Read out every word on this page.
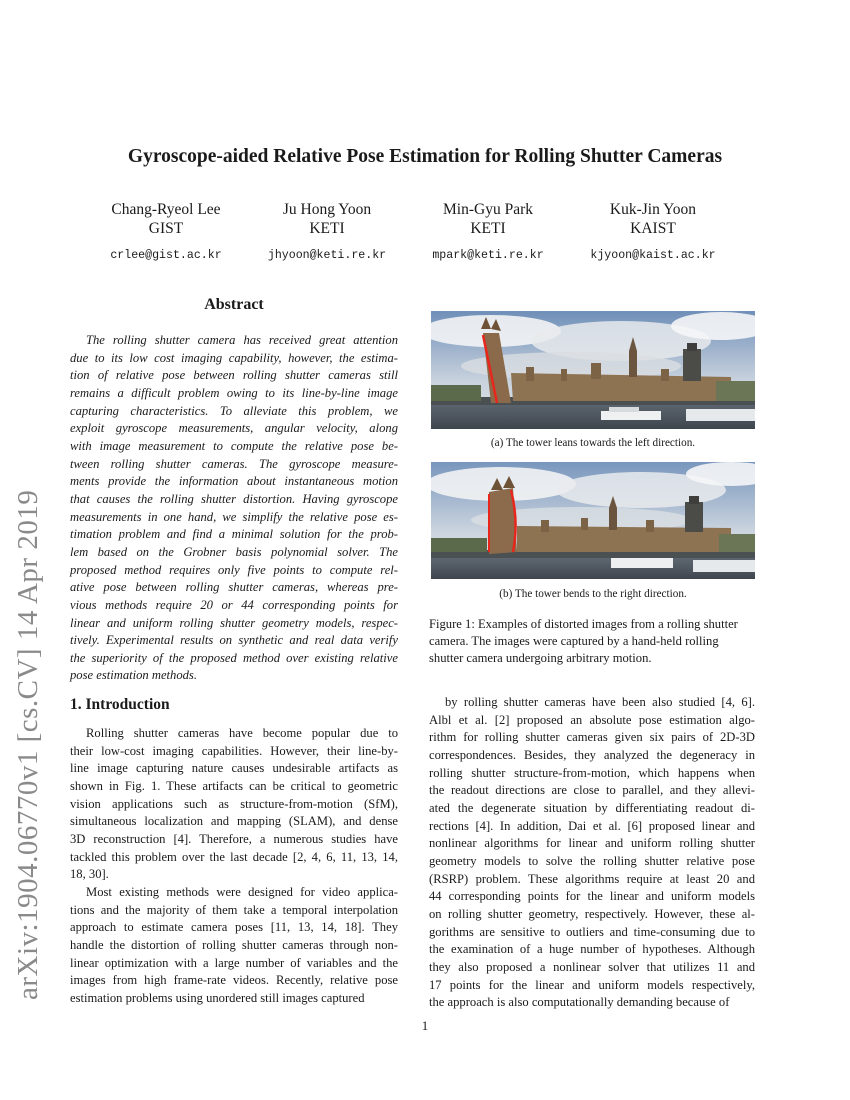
arXiv:1904.06770v1 [cs.CV] 14 Apr 2019
Gyroscope-aided Relative Pose Estimation for Rolling Shutter Cameras
Chang-Ryeol Lee
GIST
crlee@gist.ac.kr
Ju Hong Yoon
KETI
jhyoon@keti.re.kr
Min-Gyu Park
KETI
mpark@keti.re.kr
Kuk-Jin Yoon
KAIST
kjyoon@kaist.ac.kr
Abstract
The rolling shutter camera has received great attention
due to its low cost imaging capability, however, the estima-
tion of relative pose between rolling shutter cameras still
remains a difficult problem owing to its line-by-line image
capturing characteristics. To alleviate this problem, we
exploit gyroscope measurements, angular velocity, along
with image measurement to compute the relative pose be-
tween rolling shutter cameras. The gyroscope measure-
ments provide the information about instantaneous motion
that causes the rolling shutter distortion. Having gyroscope
measurements in one hand, we simplify the relative pose es-
timation problem and find a minimal solution for the prob-
lem based on the Grobner basis polynomial solver. The
proposed method requires only five points to compute rel-
ative pose between rolling shutter cameras, whereas pre-
vious methods require 20 or 44 corresponding points for
linear and uniform rolling shutter geometry models, respec-
tively. Experimental results on synthetic and real data verify
the superiority of the proposed method over existing relative
pose estimation methods.
1. Introduction
Rolling shutter cameras have become popular due to
their low-cost imaging capabilities. However, their line-by-
line image capturing nature causes undesirable artifacts as
shown in Fig. 1. These artifacts can be critical to geometric
vision applications such as structure-from-motion (SfM),
simultaneous localization and mapping (SLAM), and dense
3D reconstruction [4]. Therefore, a numerous studies have
tackled this problem over the last decade [2, 4, 6, 11, 13, 14,
18, 30].
Most existing methods were designed for video applica-
tions and the majority of them take a temporal interpolation
approach to estimate camera poses [11, 13, 14, 18]. They
handle the distortion of rolling shutter cameras through non-
linear optimization with a large number of variables and the
images from high frame-rate videos. Recently, relative pose
estimation problems using unordered still images captured
(a) The tower leans towards the left direction.
(b) The tower bends to the right direction.
Figure 1: Examples of distorted images from a rolling shutter camera. The images were captured by a hand-held rolling shutter camera undergoing arbitrary motion.
by rolling shutter cameras have been also studied [4, 6].
Albl et al. [2] proposed an absolute pose estimation algo-
rithm for rolling shutter cameras given six pairs of 2D-3D
correspondences. Besides, they analyzed the degeneracy in
rolling shutter structure-from-motion, which happens when
the readout directions are close to parallel, and they allevi-
ated the degenerate situation by differentiating readout di-
rections [4]. In addition, Dai et al. [6] proposed linear and
nonlinear algorithms for linear and uniform rolling shutter
geometry models to solve the rolling shutter relative pose
(RSRP) problem. These algorithms require at least 20 and
44 corresponding points for the linear and uniform models
on rolling shutter geometry, respectively. However, these al-
gorithms are sensitive to outliers and time-consuming due to
the examination of a huge number of hypotheses. Although
they also proposed a nonlinear solver that utilizes 11 and
17 points for the linear and uniform models respectively,
the approach is also computationally demanding because of
1
